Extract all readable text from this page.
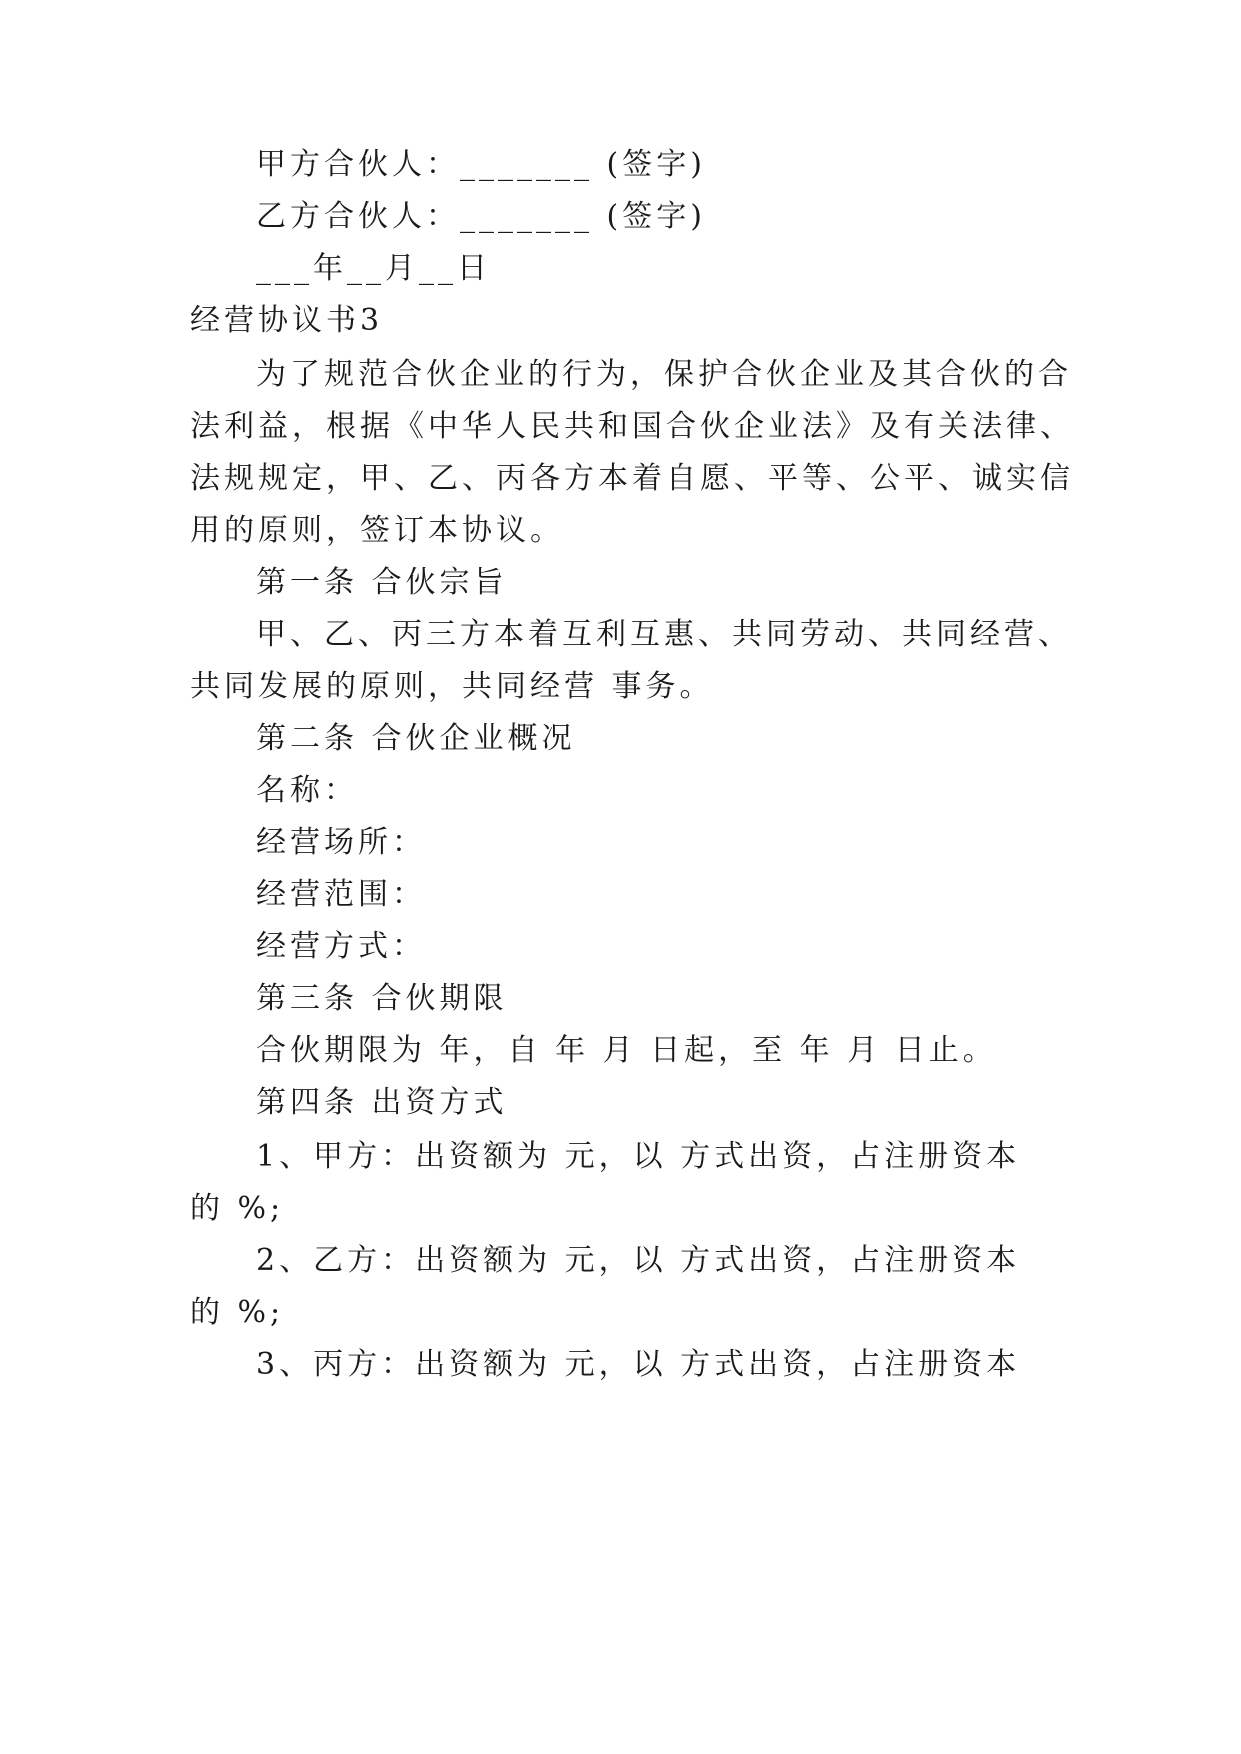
甲方合伙人：_______ (签字)
乙方合伙人：_______ (签字)
___年__月__日
经营协议书3
为了规范合伙企业的行为，保护合伙企业及其合伙的合
法利益，根据《中华人民共和国合伙企业法》及有关法律、
法规规定，甲、乙、丙各方本着自愿、平等、公平、诚实信
用的原则，签订本协议。
第一条 合伙宗旨
甲、乙、丙三方本着互利互惠、共同劳动、共同经营、
共同发展的原则，共同经营 事务。
第二条 合伙企业概况
名称：
经营场所：
经营范围：
经营方式：
第三条 合伙期限
合伙期限为 年，自 年 月 日起，至 年 月 日止。
第四条 出资方式
1、甲方：出资额为 元，以 方式出资，占注册资本
的 %;
2、乙方：出资额为 元，以 方式出资，占注册资本
的 %;
3、丙方：出资额为 元，以 方式出资，占注册资本
